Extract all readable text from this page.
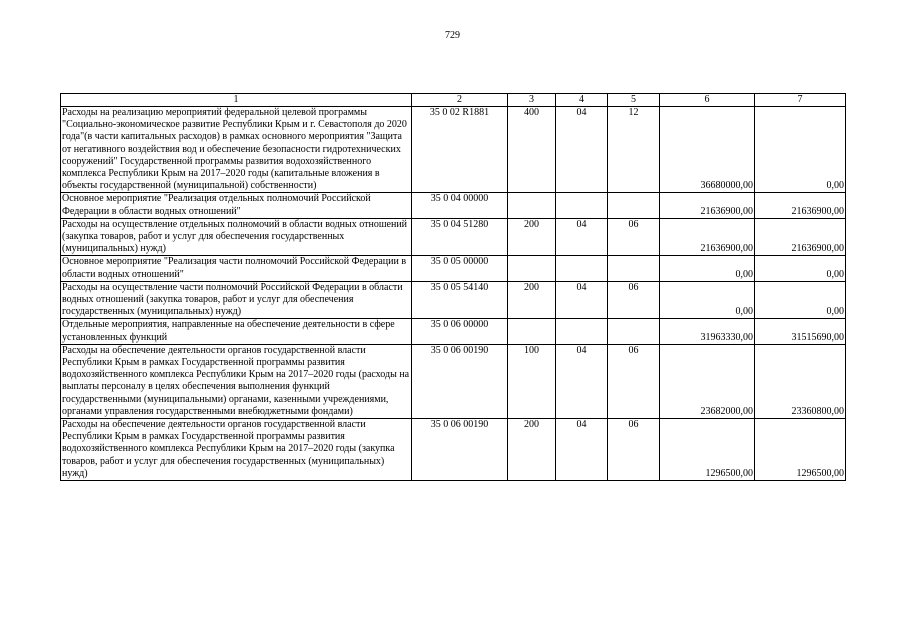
729
1	2	3	4	5	6	7
Расходы на реализацию мероприятий федеральной целевой программы "Социально-экономическое развитие Республики Крым и г. Севастополя до 2020 года"(в части капитальных расходов) в рамках основного мероприятия "Защита от негативного воздействия вод и обеспечение безопасности гидротехнических сооружений" Государственной программы развития водохозяйственного комплекса Республики Крым на 2017–2020 годы (капитальные вложения в объекты государственной (муниципальной) собственности)	35 0 02 R1881	400	04	12	36680000,00	0,00
Основное мероприятие "Реализация отдельных полномочий Российской Федерации в области водных отношений"	35 0 04 00000				21636900,00	21636900,00
Расходы на осуществление отдельных полномочий в области водных отношений (закупка товаров, работ и услуг для обеспечения государственных (муниципальных) нужд)	35 0 04 51280	200	04	06	21636900,00	21636900,00
Основное мероприятие "Реализация части полномочий Российской Федерации в области водных отношений"	35 0 05 00000				0,00	0,00
Расходы на осуществление части полномочий Российской Федерации в области водных отношений (закупка товаров, работ и услуг для обеспечения государственных (муниципальных) нужд)	35 0 05 54140	200	04	06	0,00	0,00
Отдельные мероприятия, направленные на обеспечение деятельности в сфере установленных функций	35 0 06 00000				31963330,00	31515690,00
Расходы на обеспечение деятельности органов государственной власти Республики Крым в рамках Государственной программы развития водохозяйственного комплекса Республики Крым на 2017–2020 годы (расходы на выплаты персоналу в целях обеспечения выполнения функций государственными (муниципальными) органами, казенными учреждениями, органами управления государственными внебюджетными фондами)	35 0 06 00190	100	04	06	23682000,00	23360800,00
Расходы на обеспечение деятельности органов государственной власти Республики Крым в рамках Государственной программы развития водохозяйственного комплекса Республики Крым на 2017–2020 годы (закупка товаров, работ и услуг для обеспечения государственных (муниципальных) нужд)	35 0 06 00190	200	04	06	1296500,00	1296500,00
